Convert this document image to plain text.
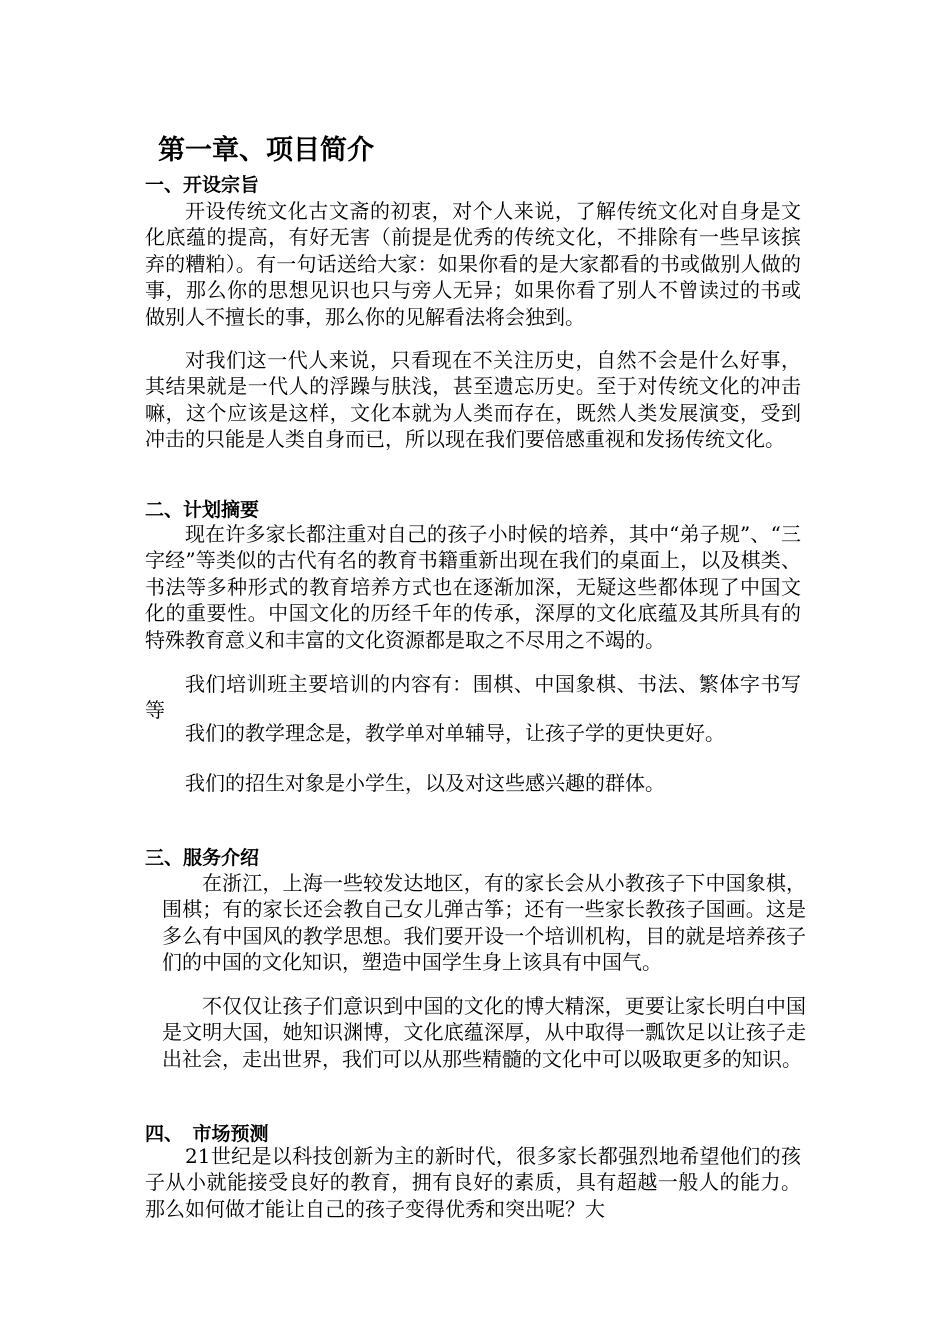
第一章、项目简介
一、开设宗旨

开设传统文化古文斋的初衷，对个人来说，了解传统文化对自身是文化底蕴的提高，有好无害（前提是优秀的传统文化，不排除有一些早该摈弃的糟粕）。有一句话送给大家：如果你看的是大家都看的书或做别人做的事，那么你的思想见识也只与旁人无异；如果你看了别人不曾读过的书或做别人不擅长的事，那么你的见解看法将会独到。

对我们这一代人来说，只看现在不关注历史，自然不会是什么好事，其结果就是一代人的浮躁与肤浅，甚至遗忘历史。至于对传统文化的冲击嘛，这个应该是这样，文化本就为人类而存在，既然人类发展演变，受到冲击的只能是人类自身而已，所以现在我们要倍感重视和发扬传统文化。

二、计划摘要

现在许多家长都注重对自己的孩子小时候的培养，其中“弟子规”、“三字经”等类似的古代有名的教育书籍重新出现在我们的桌面上，以及棋类、书法等多种形式的教育培养方式也在逐渐加深，无疑这些都体现了中国文化的重要性。中国文化的历经千年的传承，深厚的文化底蕴及其所具有的特殊教育意义和丰富的文化资源都是取之不尽用之不竭的。

我们培训班主要培训的内容有：围棋、中国象棋、书法、繁体字书写等

我们的教学理念是，教学单对单辅导，让孩子学的更快更好。

我们的招生对象是小学生，以及对这些感兴趣的群体。

三、服务介绍

在浙江，上海一些较发达地区，有的家长会从小教孩子下中国象棋，围棋；有的家长还会教自己女儿弹古筝；还有一些家长教孩子国画。这是多么有中国风的教学思想。我们要开设一个培训机构，目的就是培养孩子们的中国的文化知识，塑造中国学生身上该具有中国气。

不仅仅让孩子们意识到中国的文化的博大精深，更要让家长明白中国是文明大国，她知识渊博，文化底蕴深厚，从中取得一瓢饮足以让孩子走出社会，走出世界，我们可以从那些精髓的文化中可以吸取更多的知识。

四、　市场预测

21世纪是以科技创新为主的新时代，很多家长都强烈地希望他们的孩子从小就能接受良好的教育，拥有良好的素质，具有超越一般人的能力。那么如何做才能让自己的孩子变得优秀和突出呢？大
